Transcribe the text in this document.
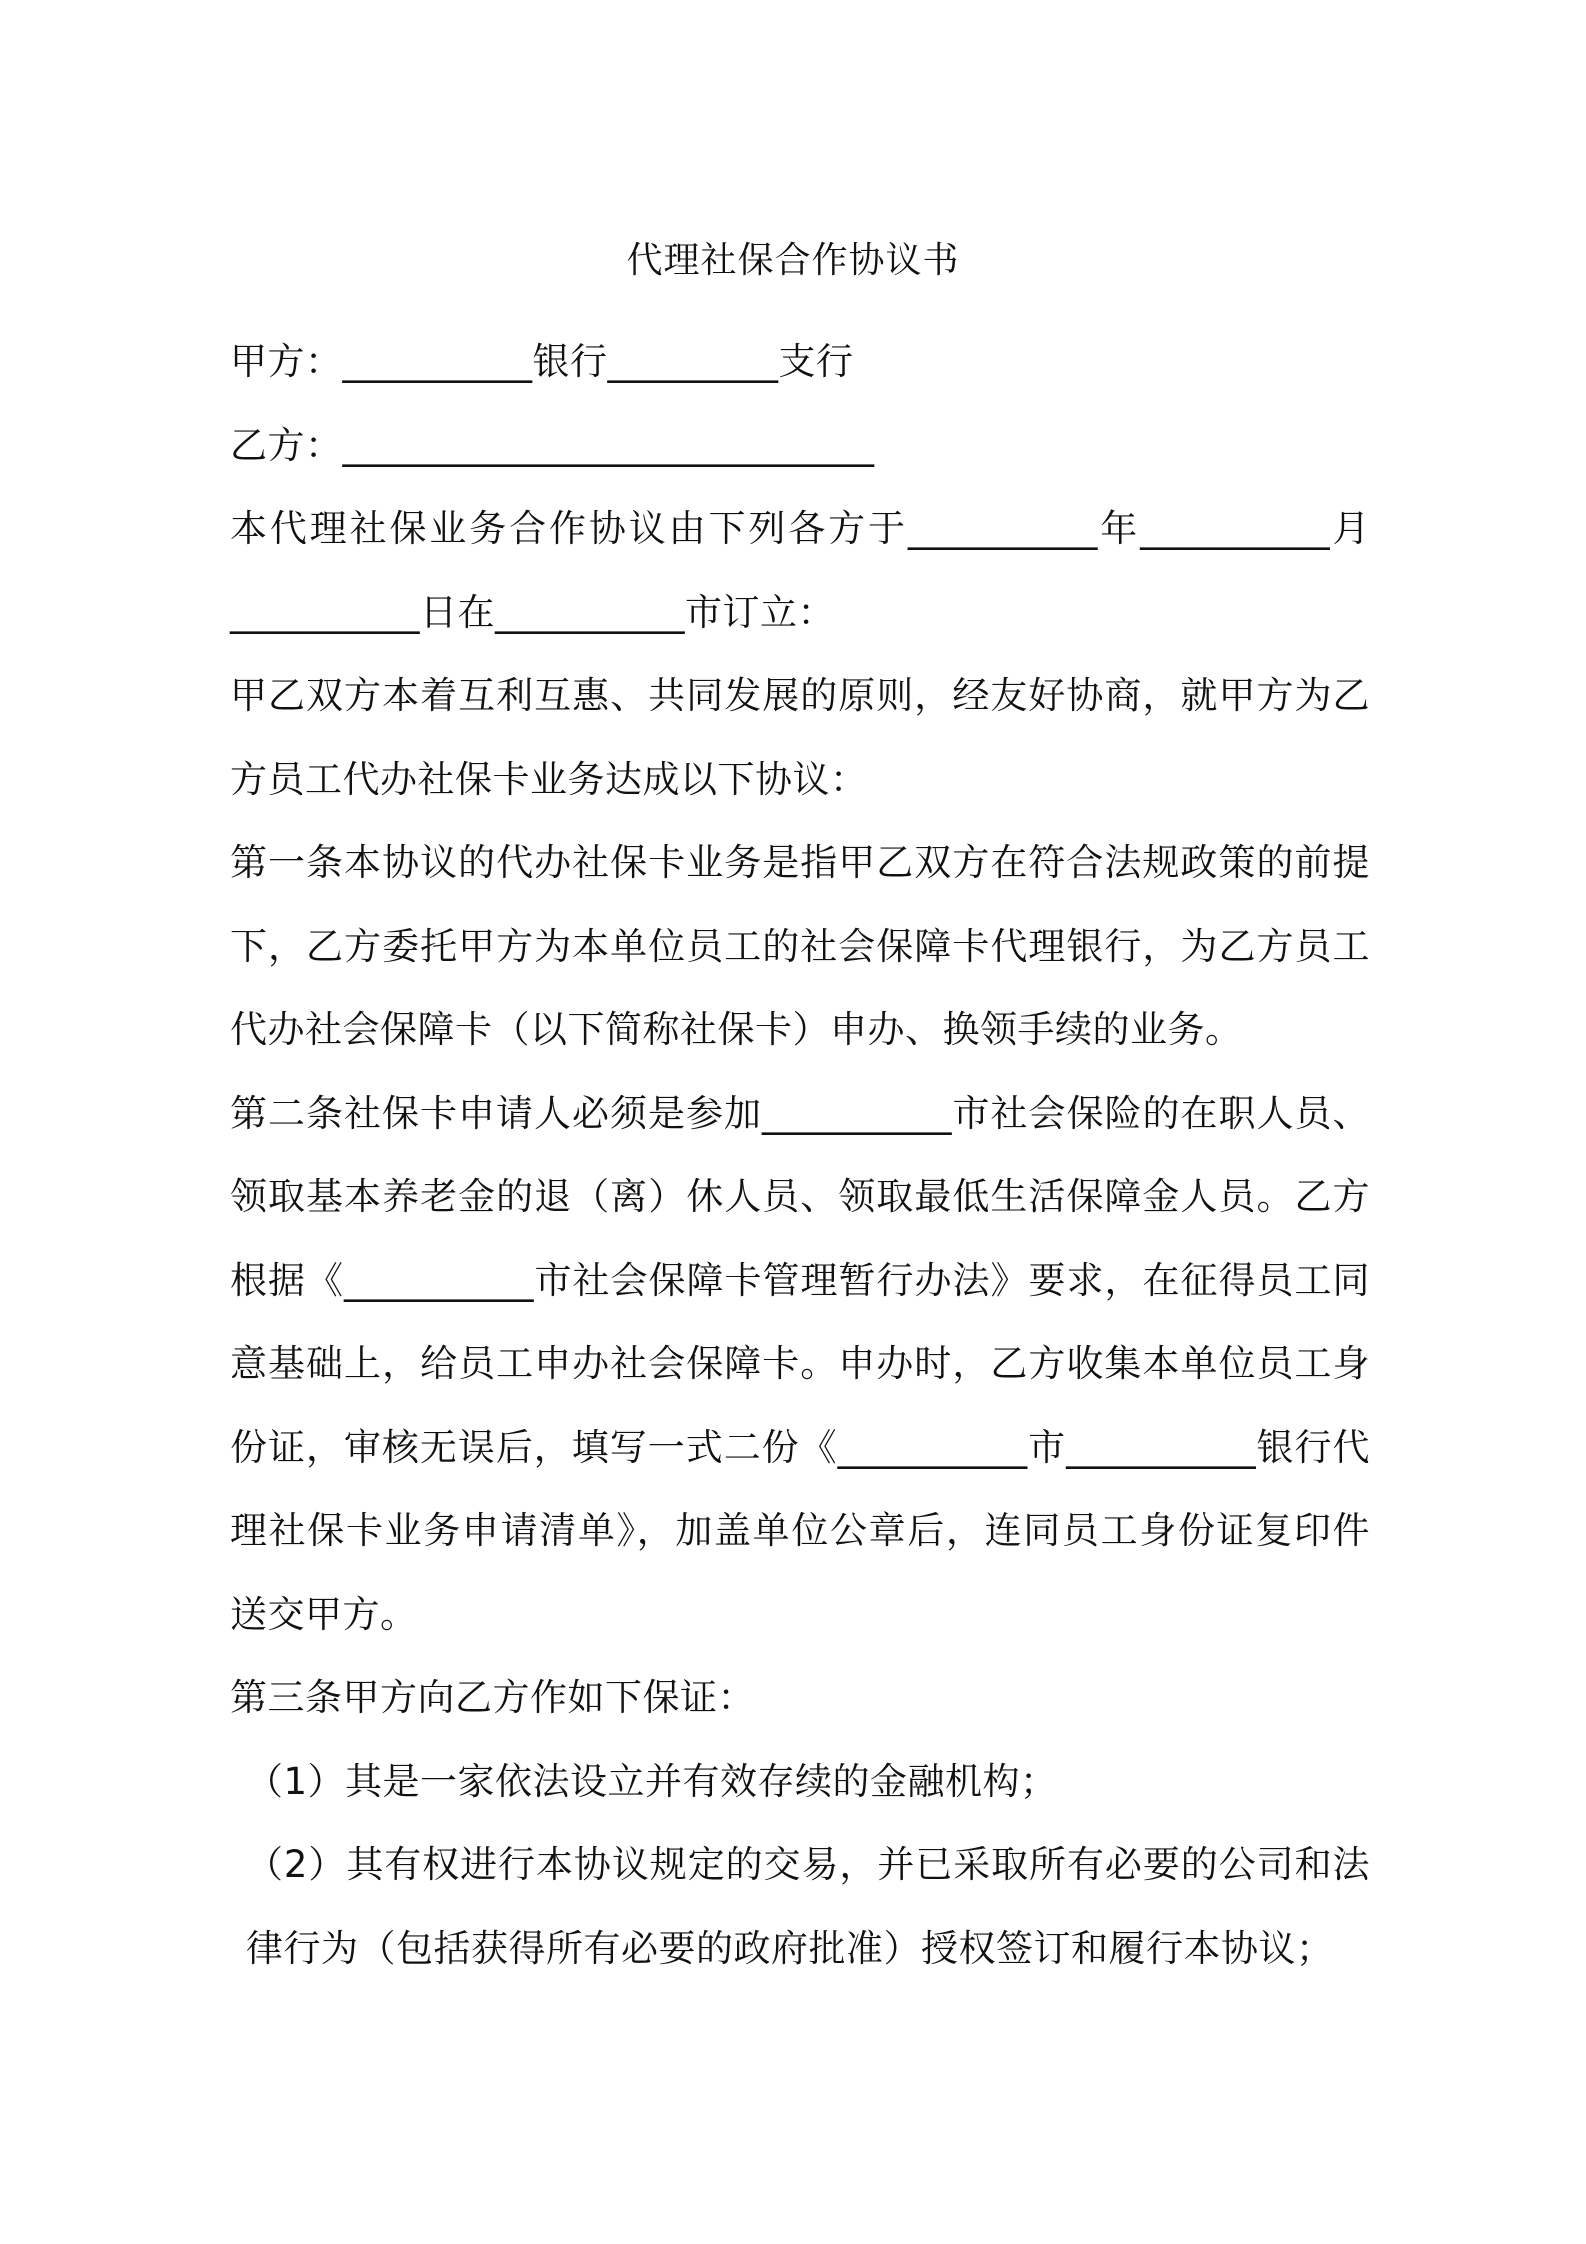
代理社保合作协议书

甲方：__________银行_________支行

乙方：____________________________

本代理社保业务合作协议由下列各方于__________年__________月__________日在__________市订立：

甲乙双方本着互利互惠、共同发展的原则，经友好协商，就甲方为乙方员工代办社保卡业务达成以下协议：

第一条本协议的代办社保卡业务是指甲乙双方在符合法规政策的前提下，乙方委托甲方为本单位员工的社会保障卡代理银行，为乙方员工代办社会保障卡（以下简称社保卡）申办、换领手续的业务。

第二条社保卡申请人必须是参加__________市社会保险的在职人员、领取基本养老金的退（离）休人员、领取最低生活保障金人员。乙方根据《__________市社会保障卡管理暂行办法》要求，在征得员工同意基础上，给员工申办社会保障卡。申办时，乙方收集本单位员工身份证，审核无误后，填写一式二份《__________市__________银行代理社保卡业务申请清单》，加盖单位公章后，连同员工身份证复印件送交甲方。

第三条甲方向乙方作如下保证：

（1）其是一家依法设立并有效存续的金融机构；

（2）其有权进行本协议规定的交易，并已采取所有必要的公司和法律行为（包括获得所有必要的政府批准）授权签订和履行本协议；
